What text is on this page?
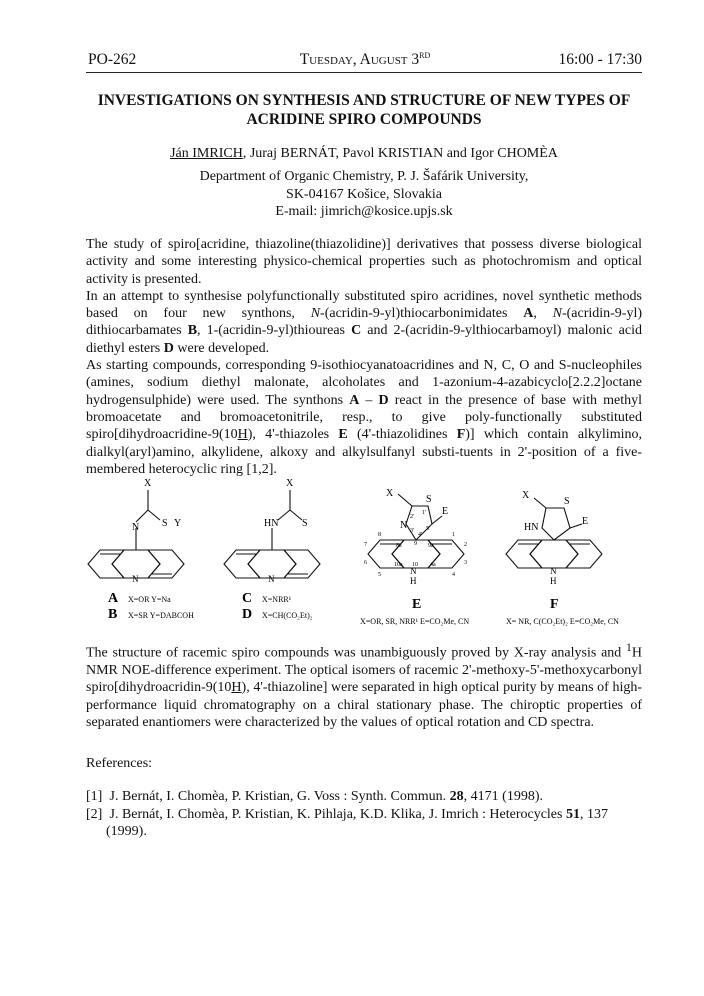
PO-262	Tuesday, August 3RD	16:00 - 17:30
INVESTIGATIONS ON SYNTHESIS AND STRUCTURE OF NEW TYPES OF ACRIDINE SPIRO COMPOUNDS
Ján IMRICH, Juraj BERNÁT, Pavol KRISTIAN and Igor CHOMÈA
Department of Organic Chemistry, P. J. Šafárik University,
SK-04167 Košice, Slovakia
E-mail: jimrich@kosice.upjs.sk

The study of spiro[acridine, thiazoline(thiazolidine)] derivatives that possess diverse biological activity and some interesting physico-chemical properties such as photochromism and optical activity is presented.

In an attempt to synthesise polyfunctionally substituted spiro acridines, novel synthetic methods based on four new synthons, N-(acridin-9-yl)thiocarbonimidates A, N-(acridin-9-yl) dithiocarbamates B, 1-(acridin-9-yl)thioureas C and 2-(acridin-9-ylthiocarbamoyl) malonic acid diethyl esters D were developed.

As starting compounds, corresponding 9-isothiocyanatoacridines and N, C, O and S-nucleophiles (amines, sodium diethyl malonate, alcoholates and 1-azonium-4-azabicyclo[2.2.2]octane hydrogensulphide) were used. The synthons A – D react in the presence of base with methyl bromoacetate and bromoacetonitrile, resp., to give poly-functionally substituted spiro[dihydroacridine-9(10H), 4'-thiazoles E (4'-thiazolidines F)] which contain alkylimino, dialkyl(aryl)amino, alkylidene, alkoxy and alkylsulfanyl substi-tuents in 2'-position of a five-membered heterocyclic ring [1,2].

N
X
S Y
N
A X=OR Y=Na
B X=SR Y=DABCOH
HN
X
S
N
C X=NRR¹
D X=CH(CO₂Et)₂
X
N
S
E
N
H
2'
1'
3' 5'
4'
9
8a	9a
8
7
6
5
10a 10 4a
1
2
3
4
E
X=OR, SR, NRR¹ E=CO₂Me, CN
X
HN
S
E
N
H
F
X= NR, C(CO₂Et)₂ E=CO₂Me, CN
The structure of racemic spiro compounds was unambiguously proved by X-ray analysis and $^1$H NMR NOE-difference experiment. The optical isomers of racemic 2'-methoxy-5'-methoxycarbonyl spiro[dihydroacridin-9(10H), 4'-thiazoline] were separated in high optical purity by means of high-performance liquid chromatography on a chiral stationary phase. The chiroptic properties of separated enantiomers were characterized by the values of optical rotation and CD spectra.
References:
[1] J. Bernát, I. Chomèa, P. Kristian, G. Voss : Synth. Commun. 28, 4171 (1998).
[2] J. Bernát, I. Chomèa, P. Kristian, K. Pihlaja, K.D. Klika, J. Imrich : Heterocycles 51, 137 (1999).
